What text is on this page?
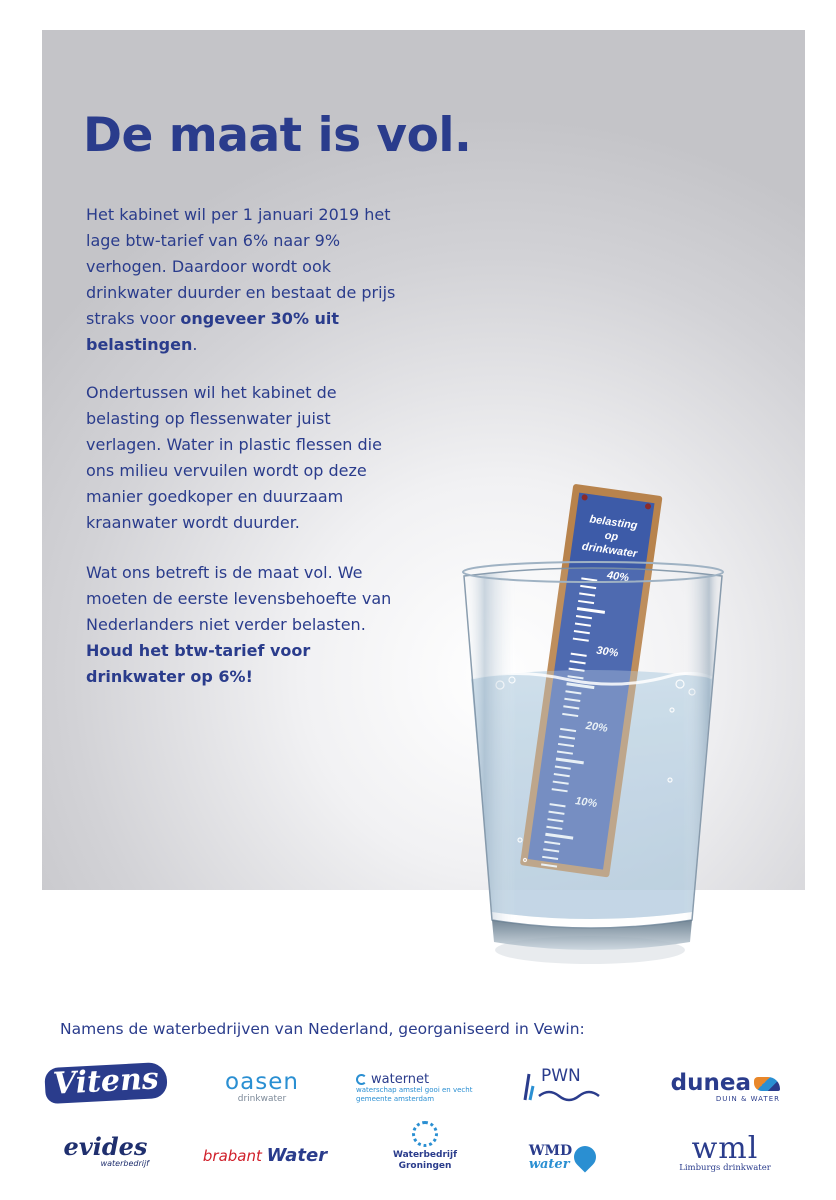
De maat is vol.

Het kabinet wil per 1 januari 2019 het lage btw-tarief van 6% naar 9% verhogen. Daardoor wordt ook drinkwater duurder en bestaat de prijs straks voor ongeveer 30% uit belastingen.

Ondertussen wil het kabinet de belasting op flessenwater juist verlagen. Water in plastic flessen die ons milieu vervuilen wordt op deze manier goedkoper en duurzaam kraanwater wordt duurder.

Wat ons betreft is de maat vol. We moeten de eerste levensbehoefte van Nederlanders niet verder belasten. Houd het btw-tarief voor drinkwater op 6%!

belasting
op
drinkwater
Namens de waterbedrijven van Nederland, georganiseerd in Vewin:
Vitens	oasen
drinkwater
waternet
waterschap amstel gooi en vecht
gemeente amsterdam
PWN	dunea
DUIN & WATER
evides
waterbedrijf	brabant Water	Waterbedrijf
Groningen
WMD
water	wml
Limburgs drinkwater
